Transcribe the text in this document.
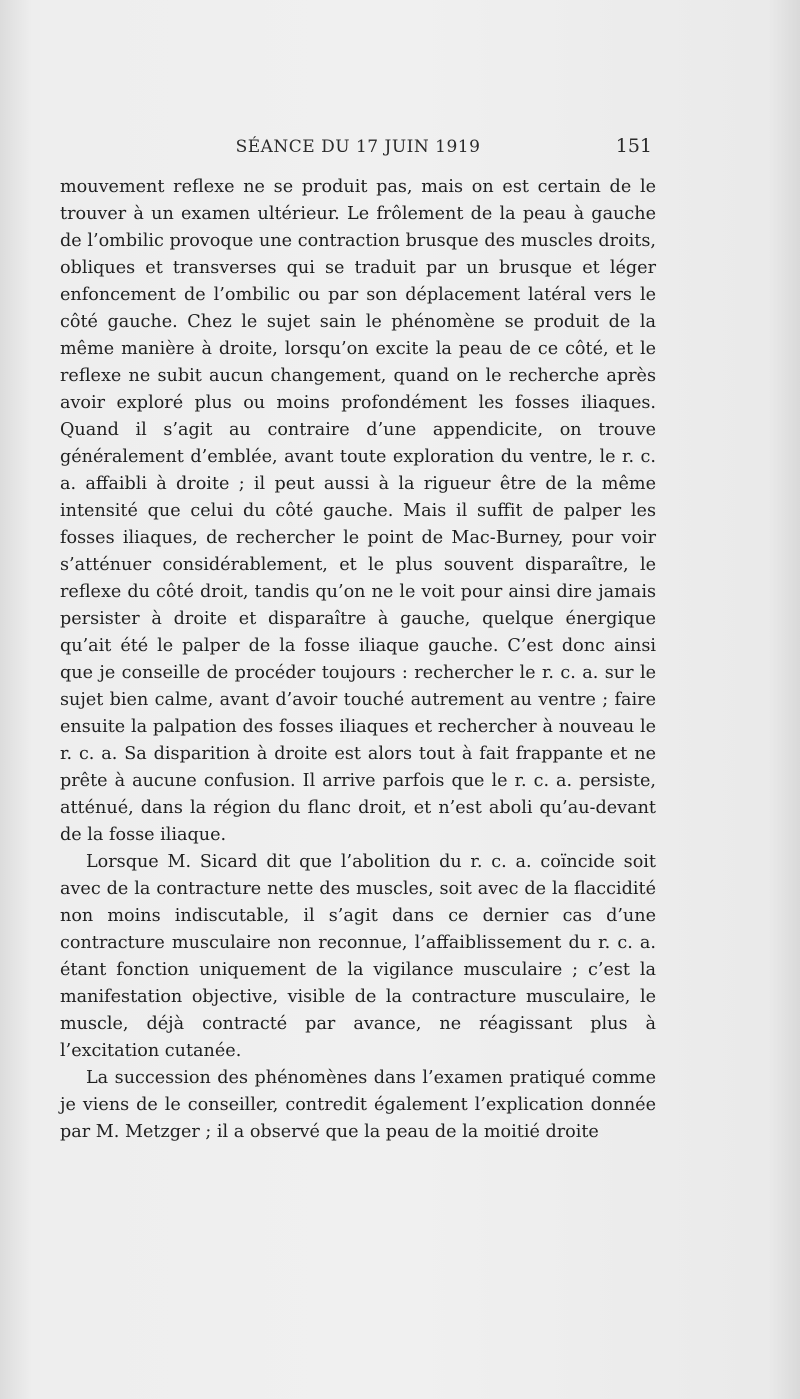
SÉANCE DU 17 JUIN 1919	151

mouvement reflexe ne se produit pas, mais on est certain de le trouver à un examen ultérieur. Le frôlement de la peau à gauche de l’ombilic provoque une contraction brusque des muscles droits, obliques et transverses qui se traduit par un brusque et léger enfoncement de l’ombilic ou par son déplacement latéral vers le côté gauche. Chez le sujet sain le phénomène se produit de la même manière à droite, lorsqu’on excite la peau de ce côté, et le reflexe ne subit aucun changement, quand on le recherche après avoir exploré plus ou moins profondément les fosses iliaques. Quand il s’agit au contraire d’une appendicite, on trouve généralement d’emblée, avant toute exploration du ventre, le r. c. a. affaibli à droite ; il peut aussi à la rigueur être de la même intensité que celui du côté gauche. Mais il suffit de palper les fosses iliaques, de rechercher le point de Mac-Burney, pour voir s’atténuer considérablement, et le plus souvent disparaître, le reflexe du côté droit, tandis qu’on ne le voit pour ainsi dire jamais persister à droite et disparaître à gauche, quelque énergique qu’ait été le palper de la fosse iliaque gauche. C’est donc ainsi que je conseille de procéder toujours : rechercher le r. c. a. sur le sujet bien calme, avant d’avoir touché autrement au ventre ; faire ensuite la palpation des fosses iliaques et rechercher à nouveau le r. c. a. Sa disparition à droite est alors tout à fait frappante et ne prête à aucune confusion. Il arrive parfois que le r. c. a. persiste, atténué, dans la région du flanc droit, et n’est aboli qu’au-devant de la fosse iliaque.

Lorsque M. Sicard dit que l’abolition du r. c. a. coïncide soit avec de la contracture nette des muscles, soit avec de la flaccidité non moins indiscutable, il s’agit dans ce dernier cas d’une contracture musculaire non reconnue, l’affaiblissement du r. c. a. étant fonction uniquement de la vigilance musculaire ; c’est la manifestation objective, visible de la contracture musculaire, le muscle, déjà contracté par avance, ne réagissant plus à l’excitation cutanée.

La succession des phénomènes dans l’examen pratiqué comme je viens de le conseiller, contredit également l’explication donnée par M. Metzger ; il a observé que la peau de la moitié droite
